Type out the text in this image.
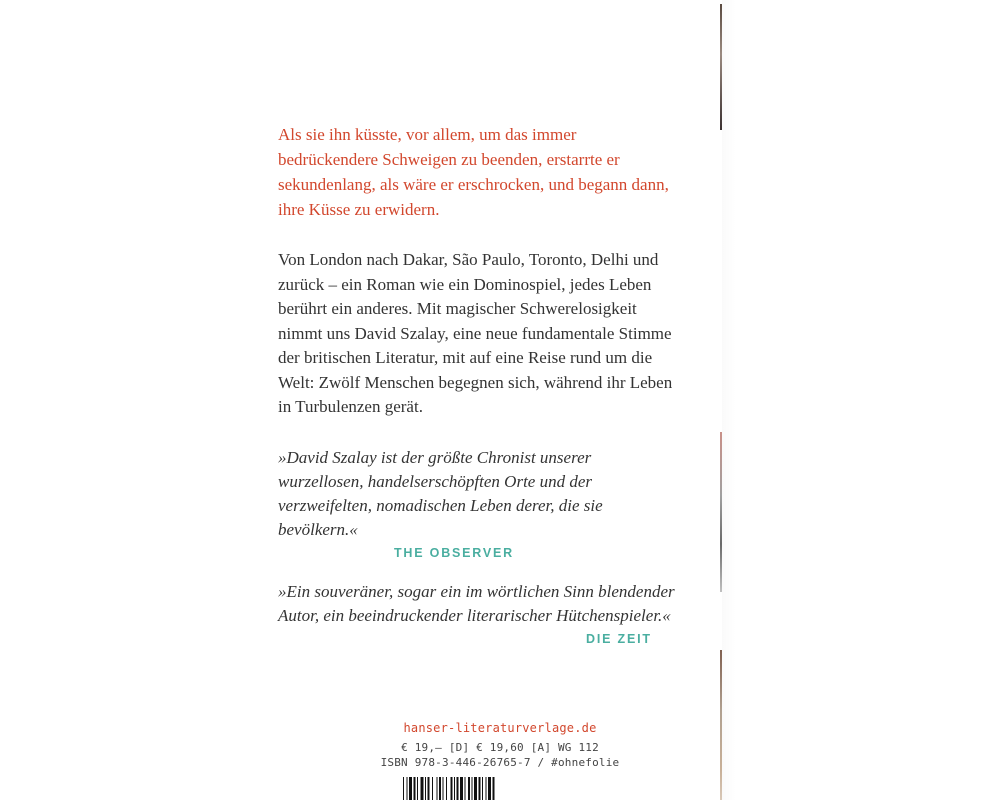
Als sie ihn küsste, vor allem, um das immer bedrückendere Schweigen zu beenden, erstarrte er sekundenlang, als wäre er erschrocken, und begann dann, ihre Küsse zu erwidern.

Von London nach Dakar, São Paulo, Toronto, Delhi und zurück – ein Roman wie ein Dominospiel, jedes Leben berührt ein anderes. Mit magischer Schwerelosigkeit nimmt uns David Szalay, eine neue fundamentale Stimme der britischen Literatur, mit auf eine Reise rund um die Welt: Zwölf Menschen begegnen sich, während ihr Leben in Turbulenzen gerät.

»David Szalay ist der größte Chronist unserer wurzellosen, handelserschöpften Orte und der verzweifelten, nomadischen Leben derer, die sie bevölkern.«

THE OBSERVER

»Ein souveräner, sogar ein im wörtlichen Sinn blendender Autor, ein beeindruckender literarischer Hütchenspieler.«

DIE ZEIT
hanser-literaturverlage.de
€ 19,– [D] € 19,60 [A] WG 112
ISBN 978-3-446-26765-7 / #ohnefolie
